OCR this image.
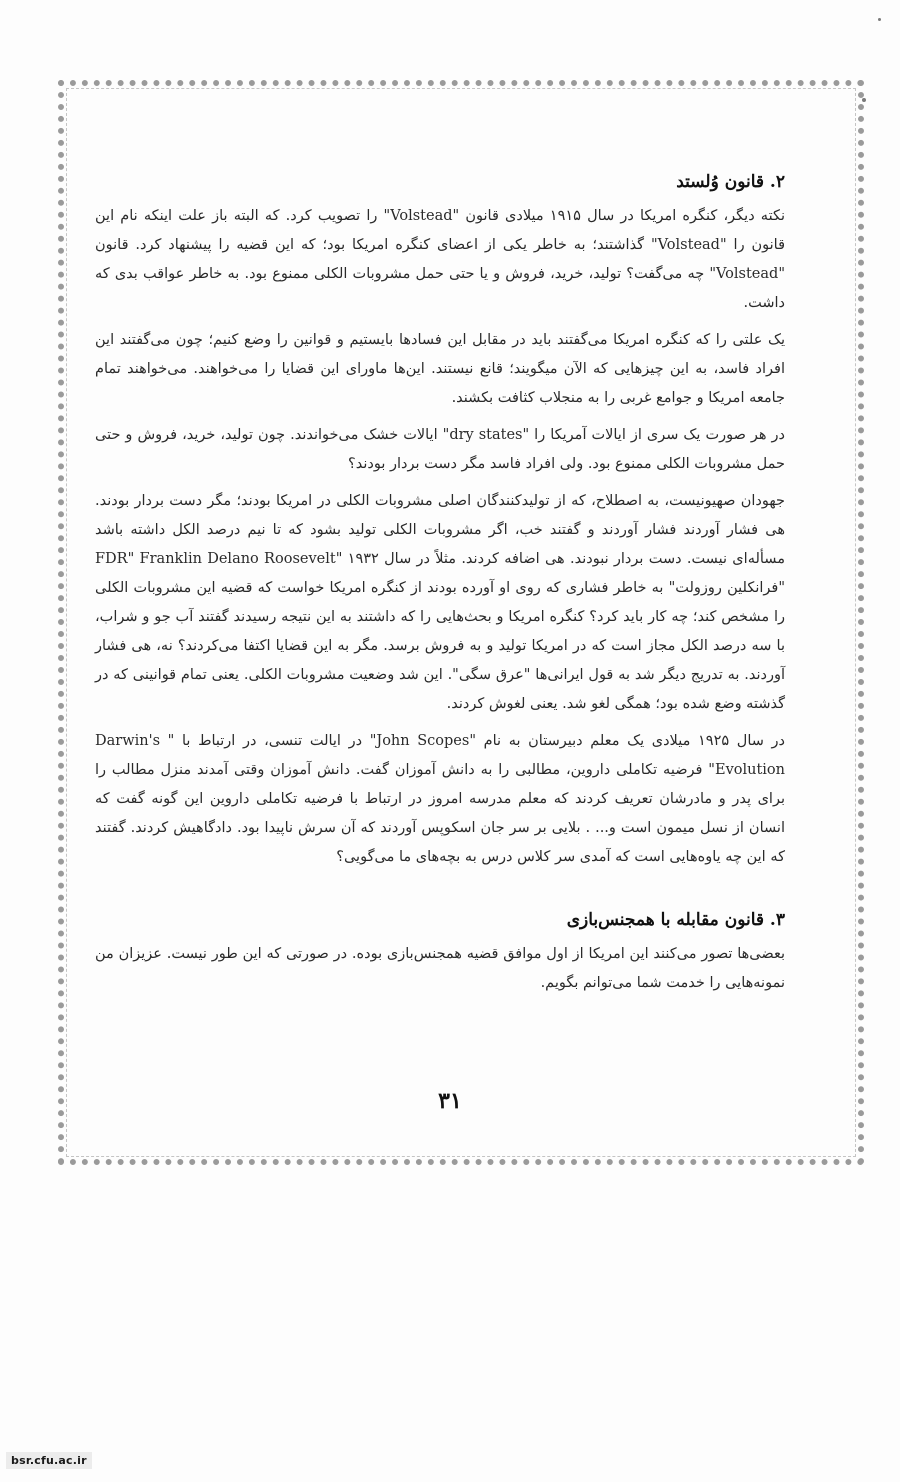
۲. قانون وُلستد

نکته دیگر، کنگره امریکا در سال ۱۹۱۵ میلادی قانون "Volstead" را تصویب کرد. که البته باز علت اینکه نام این قانون را "Volstead" گذاشتند؛ به خاطر یکی از اعضای کنگره امریکا بود؛ که این قضیه را پیشنهاد کرد. قانون "Volstead" چه می‌گفت؟ تولید، خرید، فروش و یا حتی حمل مشروبات الکلی ممنوع بود. به خاطر عواقب بدی که داشت.

یک علتی را که کنگره امریکا می‌گفتند باید در مقابل این فسادها بایستیم و قوانین را وضع کنیم؛ چون می‌گفتند این افراد فاسد، به این چیزهایی که الآن میگویند؛ قانع نیستند. این‌ها ماورای این قضایا را می‌خواهند. می‌خواهند تمام جامعه امریکا و جوامع غربی را به منجلاب کثافت بکشند.

در هر صورت یک سری از ایالات آمریکا را "dry states" ایالات خشک می‌خواندند. چون تولید، خرید، فروش و حتی حمل مشروبات الکلی ممنوع بود. ولی افراد فاسد مگر دست بردار بودند؟

جهودان صهیونیست، به اصطلاح، که از تولیدکنندگان اصلی مشروبات الکلی در امریکا بودند؛ مگر دست بردار بودند. هی فشار آوردند فشار آوردند و گفتند خب، اگر مشروبات الکلی تولید بشود که تا نیم درصد الکل داشته باشد مسأله‌ای نیست. دست بردار نبودند. هی اضافه کردند. مثلاً در سال ۱۹۳۲ "FDR" Franklin Delano Roosevelt "فرانکلین روزولت" به خاطر فشاری که روی او آورده بودند از کنگره امریکا خواست که قضیه این مشروبات الکلی را مشخص کند؛ چه کار باید کرد؟ کنگره امریکا و بحث‌هایی را که داشتند به این نتیجه رسیدند گفتند آب جو و شراب، با سه درصد الکل مجاز است که در امریکا تولید و به فروش برسد. مگر به این قضایا اکتفا می‌کردند؟ نه، هی فشار آوردند. به تدریج دیگر شد به قول ایرانی‌ها "عرق سگی". این شد وضعیت مشروبات الکلی. یعنی تمام قوانینی که در گذشته وضع شده بود؛ همگی لغو شد. یعنی لغوش کردند.

در سال ۱۹۲۵ میلادی یک معلم دبیرستان به نام "John Scopes" در ایالت تنسی، در ارتباط با " Darwin's Evolution" فرضیه تکاملی داروین، مطالبی را به دانش آموزان گفت. دانش آموزان وقتی آمدند منزل مطالب را برای پدر و مادرشان تعریف کردند که معلم مدرسه امروز در ارتباط با فرضیه تکاملی داروین این گونه گفت که انسان از نسل میمون است و... . بلایی بر سر جان اسکوپس آوردند که آن سرش ناپیدا بود. دادگاهیش کردند. گفتند که این چه یاوه‌هایی است که آمدی سر کلاس درس به بچه‌های ما می‌گویی؟

۳. قانون مقابله با همجنس‌بازی

بعضی‌ها تصور می‌کنند این امریکا از اول موافق قضیه همجنس‌بازی بوده. در صورتی که این طور نیست. عزیزان من نمونه‌هایی را خدمت شما می‌توانم بگویم.

۳۱
bsr.cfu.ac.ir
